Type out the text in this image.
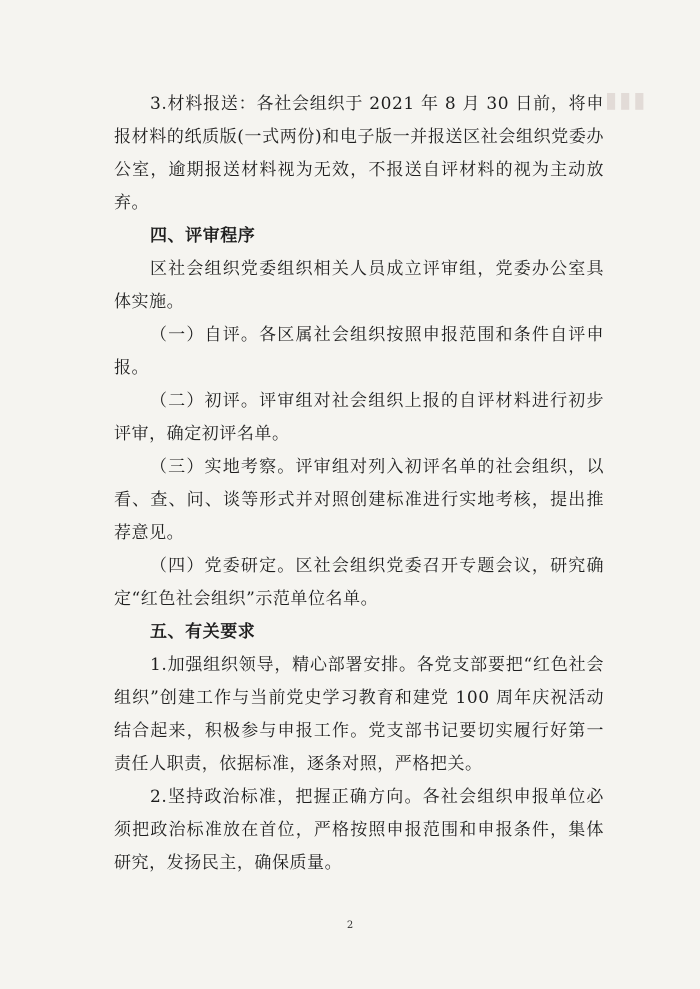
▮▮▮

3.材料报送：各社会组织于 2021 年 8 月 30 日前，将申报材料的纸质版(一式两份)和电子版一并报送区社会组织党委办公室，逾期报送材料视为无效，不报送自评材料的视为主动放弃。

四、评审程序

区社会组织党委组织相关人员成立评审组，党委办公室具体实施。

（一）自评。各区属社会组织按照申报范围和条件自评申报。

（二）初评。评审组对社会组织上报的自评材料进行初步评审，确定初评名单。

（三）实地考察。评审组对列入初评名单的社会组织，以看、查、问、谈等形式并对照创建标准进行实地考核，提出推荐意见。

（四）党委研定。区社会组织党委召开专题会议，研究确定“红色社会组织”示范单位名单。

五、有关要求

1.加强组织领导，精心部署安排。各党支部要把“红色社会组织”创建工作与当前党史学习教育和建党 100 周年庆祝活动结合起来，积极参与申报工作。党支部书记要切实履行好第一责任人职责，依据标准，逐条对照，严格把关。

2.坚持政治标准，把握正确方向。各社会组织申报单位必须把政治标准放在首位，严格按照申报范围和申报条件，集体研究，发扬民主，确保质量。

2
